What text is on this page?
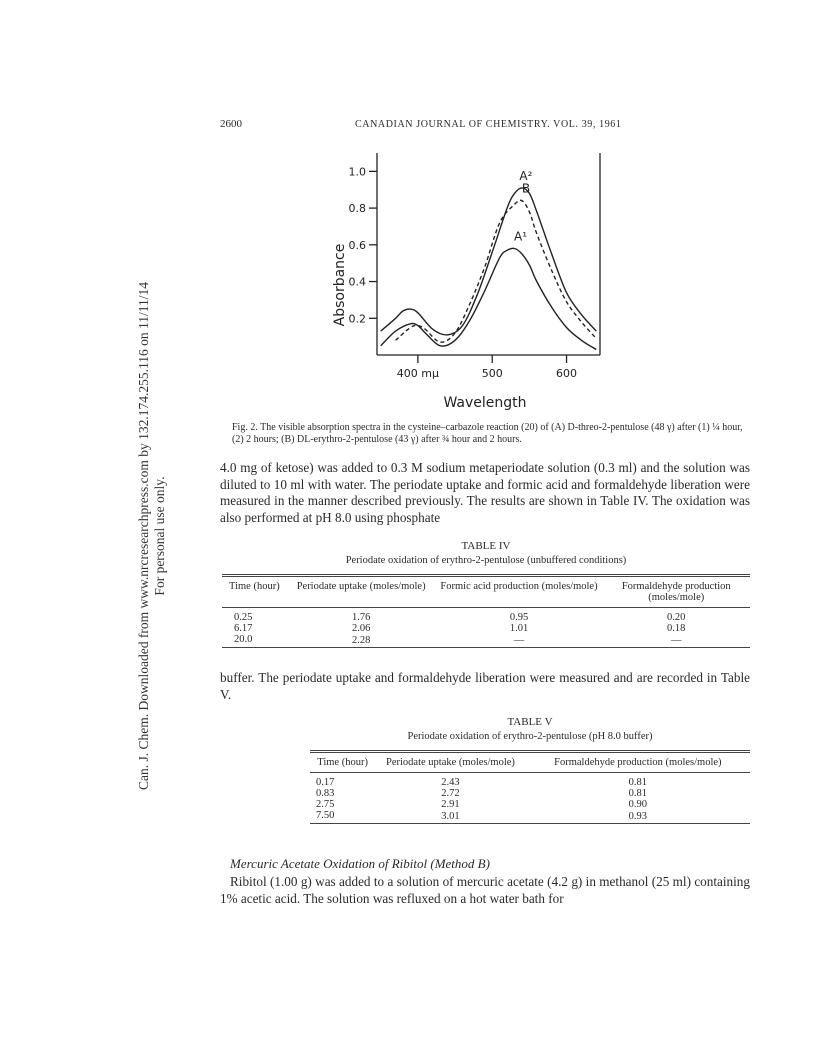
Can. J. Chem. Downloaded from www.nrcresearchpress.com by 132.174.255.116 on 11/11/14 For personal use only.
2600	CANADIAN JOURNAL OF CHEMISTRY. VOL. 39, 1961
0.2
0.4
0.6
0.8
1.0
400 mμ	500	600
A²
B
A¹
Absorbance
Wavelength
Fig. 2. The visible absorption spectra in the cysteine–carbazole reaction (20) of (A) D-threo-2-pentulose (48 γ) after (1) ¼ hour, (2) 2 hours; (B) DL-erythro-2-pentulose (43 γ) after ¾ hour and 2 hours.
4.0 mg of ketose) was added to 0.3 M sodium metaperiodate solution (0.3 ml) and the solution was diluted to 10 ml with water. The periodate uptake and formic acid and formaldehyde liberation were measured in the manner described previously. The results are shown in Table IV. The oxidation was also performed at pH 8.0 using phosphate
TABLE IV
Periodate oxidation of erythro-2-pentulose (unbuffered conditions)
Time (hour)	Periodate uptake (moles/mole)	Formic acid production (moles/mole)	Formaldehyde production (moles/mole)
0.25	1.76	0.95	0.20
6.17	2.06	1.01	0.18
20.0	2.28	—	—
buffer. The periodate uptake and formaldehyde liberation were measured and are recorded in Table V.
TABLE V
Periodate oxidation of erythro-2-pentulose (pH 8.0 buffer)
Time (hour)	Periodate uptake (moles/mole)	Formaldehyde production (moles/mole)
0.17	2.43	0.81
0.83	2.72	0.81
2.75	2.91	0.90
7.50	3.01	0.93
Mercuric Acetate Oxidation of Ribitol (Method B)
Ribitol (1.00 g) was added to a solution of mercuric acetate (4.2 g) in methanol (25 ml) containing 1% acetic acid. The solution was refluxed on a hot water bath for
